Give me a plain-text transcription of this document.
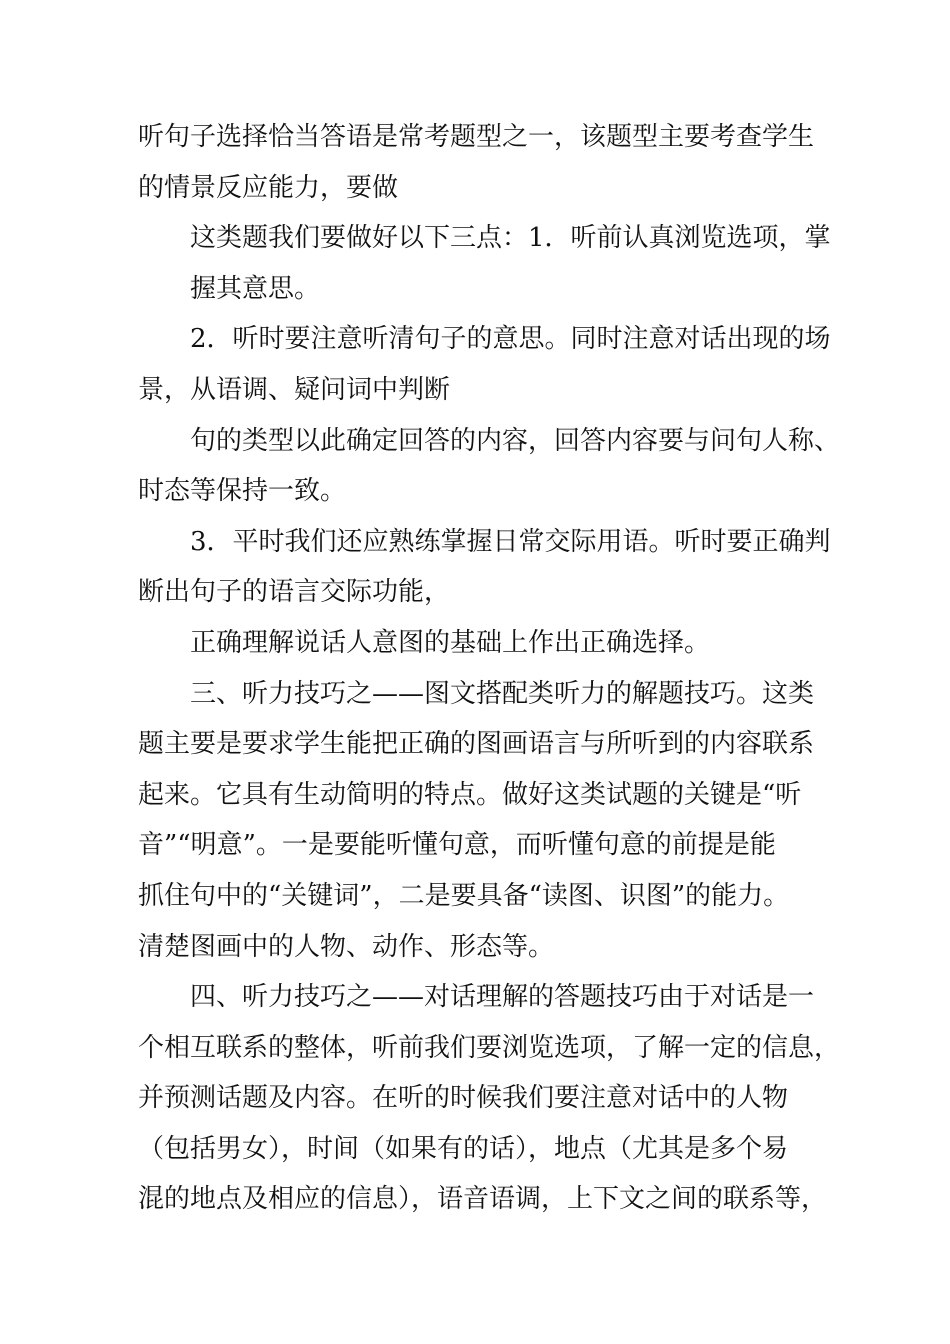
听句子选择恰当答语是常考题型之一，该题型主要考查学生
的情景反应能力，要做
这类题我们要做好以下三点：1．听前认真浏览选项，掌
握其意思。
2．听时要注意听清句子的意思。同时注意对话出现的场
景，从语调、疑问词中判断
句的类型以此确定回答的内容，回答内容要与问句人称、
时态等保持一致。
3．平时我们还应熟练掌握日常交际用语。听时要正确判
断出句子的语言交际功能，
正确理解说话人意图的基础上作出正确选择。
三、听力技巧之——图文搭配类听力的解题技巧。这类
题主要是要求学生能把正确的图画语言与所听到的内容联系
起来。它具有生动简明的特点。做好这类试题的关键是“听
音”“明意”。一是要能听懂句意，而听懂句意的前提是能
抓住句中的“关键词”，二是要具备“读图、识图”的能力。
清楚图画中的人物、动作、形态等。
四、听力技巧之——对话理解的答题技巧由于对话是一
个相互联系的整体，听前我们要浏览选项，了解一定的信息，
并预测话题及内容。在听的时候我们要注意对话中的人物
（包括男女），时间（如果有的话），地点（尤其是多个易
混的地点及相应的信息），语音语调，上下文之间的联系等，
